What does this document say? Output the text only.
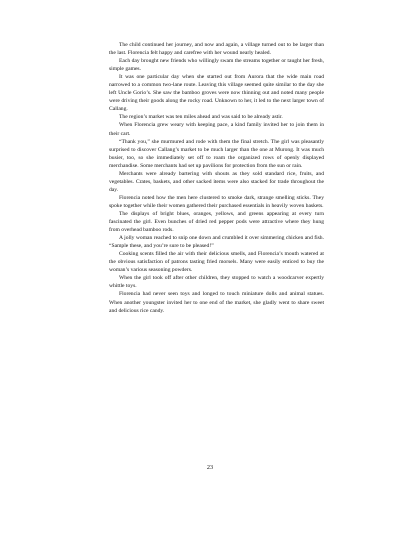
The child continued her journey, and now and again, a village turned out to be larger than the last. Florencia felt happy and carefree with her wound nearly healed.

Each day brought new friends who willingly swam the streams together or taught her fresh, simple games.

It was one particular day when she started out from Aurora that the wide main road narrowed to a common two-lane route. Leaving this village seemed quite similar to the day she left Uncle Gorio’s. She saw the bamboo groves were now thinning out and noted many people were driving their goods along the rocky road. Unknown to her, it led to the next larger town of Callang.

The region’s market was ten miles ahead and was said to be already astir.

When Florencia grew weary with keeping pace, a kind family invited her to join them in their cart.

“Thank you,” she murmured and rode with them the final stretch. The girl was pleasantly surprised to discover Callang’s market to be much larger than the one at Murong. It was much busier, too, so she immediately set off to roam the organized rows of openly displayed merchandise. Some merchants had set up pavilions for protection from the sun or rain.

Merchants were already bartering with shouts as they sold standard rice, fruits, and vegetables. Crates, baskets, and other sacked items were also stacked for trade throughout the day.

Florencia noted how the men here clustered to smoke dark, strange smelling sticks. They spoke together while their women gathered their purchased essentials in heavily woven baskets.

The displays of bright blues, oranges, yellows, and greens appearing at every turn fascinated the girl. Even bunches of dried red pepper pods were attractive where they hung from overhead bamboo rods.

A jolly woman reached to snip one down and crumbled it over simmering chicken and fish. “Sample these, and you’re sure to be pleased!”

Cooking scents filled the air with their delicious smells, and Florencia’s mouth watered at the obvious satisfaction of patrons tasting fried morsels. Many were easily enticed to buy the woman’s various seasoning powders.

When the girl took off after other children, they stopped to watch a woodcarver expertly whittle toys.

Florencia had never seen toys and longed to touch miniature dolls and animal statues. When another youngster invited her to one end of the market, she gladly went to share sweet and delicious rice candy.

23
